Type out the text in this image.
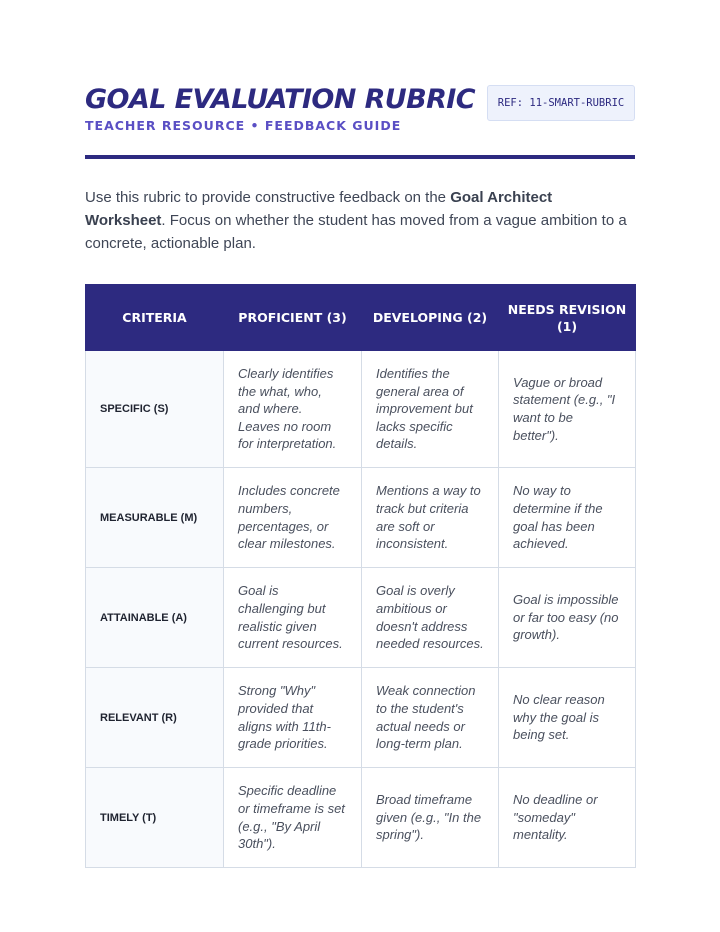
GOAL EVALUATION RUBRIC
TEACHER RESOURCE • FEEDBACK GUIDE
REF: 11-SMART-RUBRIC

Use this rubric to provide constructive feedback on the Goal Architect Worksheet. Focus on whether the student has moved from a vague ambition to a concrete, actionable plan.

CRITERIA	PROFICIENT (3)	DEVELOPING (2)	NEEDS REVISION (1)
SPECIFIC (S)	Clearly identifies the what, who, and where. Leaves no room for interpretation.	Identifies the general area of improvement but lacks specific details.	Vague or broad statement (e.g., "I want to be better").
MEASURABLE (M)	Includes concrete numbers, percentages, or clear milestones.	Mentions a way to track but criteria are soft or inconsistent.	No way to determine if the goal has been achieved.
ATTAINABLE (A)	Goal is challenging but realistic given current resources.	Goal is overly ambitious or doesn't address needed resources.	Goal is impossible or far too easy (no growth).
RELEVANT (R)	Strong "Why" provided that aligns with 11th-grade priorities.	Weak connection to the student's actual needs or long-term plan.	No clear reason why the goal is being set.
TIMELY (T)	Specific deadline or timeframe is set (e.g., "By April 30th").	Broad timeframe given (e.g., "In the spring").	No deadline or "someday" mentality.
